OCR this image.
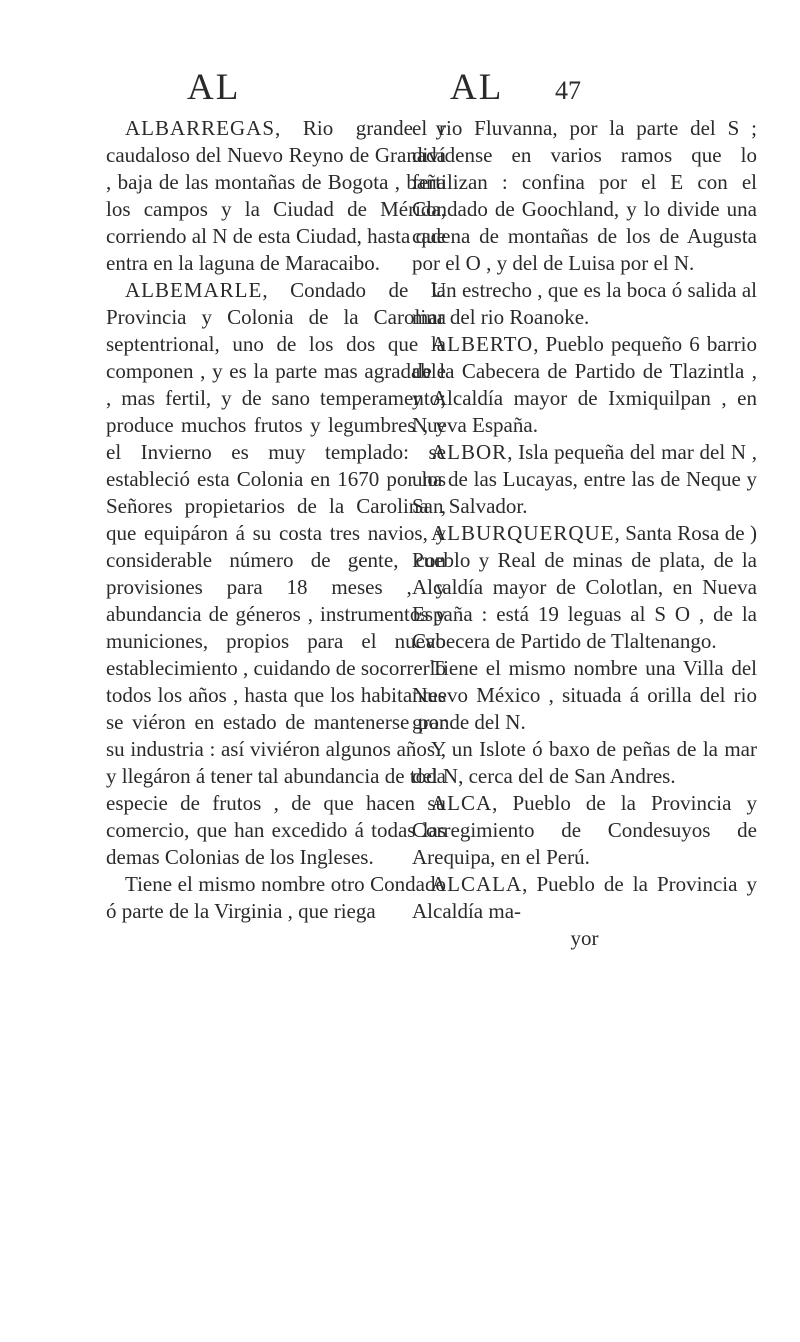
AL	AL 47

ALBARREGAS, Rio grande y caudaloso del Nuevo Reyno de Granada , baja de las montañas de Bogota , baña los campos y la Ciudad de Mérida, corriendo al N de esta Ciudad, hasta que entra en la laguna de Maracaibo.

ALBEMARLE, Condado de la Provincia y Colonia de la Carolina septentrional, uno de los dos que la componen , y es la parte mas agradable , mas fertil, y de sano temperamento; produce muchos frutos y legumbres , y el Invierno es muy templado: se estableció esta Colonia en 1670 por los Señores propietarios de la Carolina , que equipáron á su costa tres navios, y considerable número de gente, con provisiones para 18 meses , y abundancia de géneros , instrumentos y municiones, propios para el nuevo establecimiento , cuidando de socorrerlo todos los años , hasta que los habitantes se viéron en estado de mantenerse por su industria : así viviéron algunos años , y llegáron á tener tal abundancia de toda especie de frutos , de que hacen su comercio, que han excedido á todas las demas Colonias de los Ingleses.

Tiene el mismo nombre otro Condado ó parte de la Virginia , que riega

el rio Fluvanna, por la parte del S ; divídense en varios ramos que lo fertilizan : confina por el E con el Condado de Goochland, y lo divide una cadena de montañas de los de Augusta por el O , y del de Luisa por el N.

Un estrecho , que es la boca ó salida al mar del rio Roanoke.

ALBERTO, Pueblo pequeño 6 barrio de la Cabecera de Partido de Tlazintla , y Alcaldía mayor de Ixmiquilpan , en Nueva España.

ALBOR, Isla pequeña del mar del N , una de las Lucayas, entre las de Neque y San Salvador.

ALBURQUERQUE, Santa Rosa de ) Pueblo y Real de minas de plata, de la Alcaldía mayor de Colotlan, en Nueva España : está 19 leguas al S O , de la Cabecera de Partido de Tlaltenango.

Tiene el mismo nombre una Villa del Nuevo México , situada á orilla del rio grande del N.

Y un Islote ó baxo de peñas de la mar del N, cerca del de San Andres.

ALCA, Pueblo de la Provincia y Corregimiento de Condesuyos de Arequipa, en el Perú.

ALCALA, Pueblo de la Provincia y Alcaldía ma-

yor
